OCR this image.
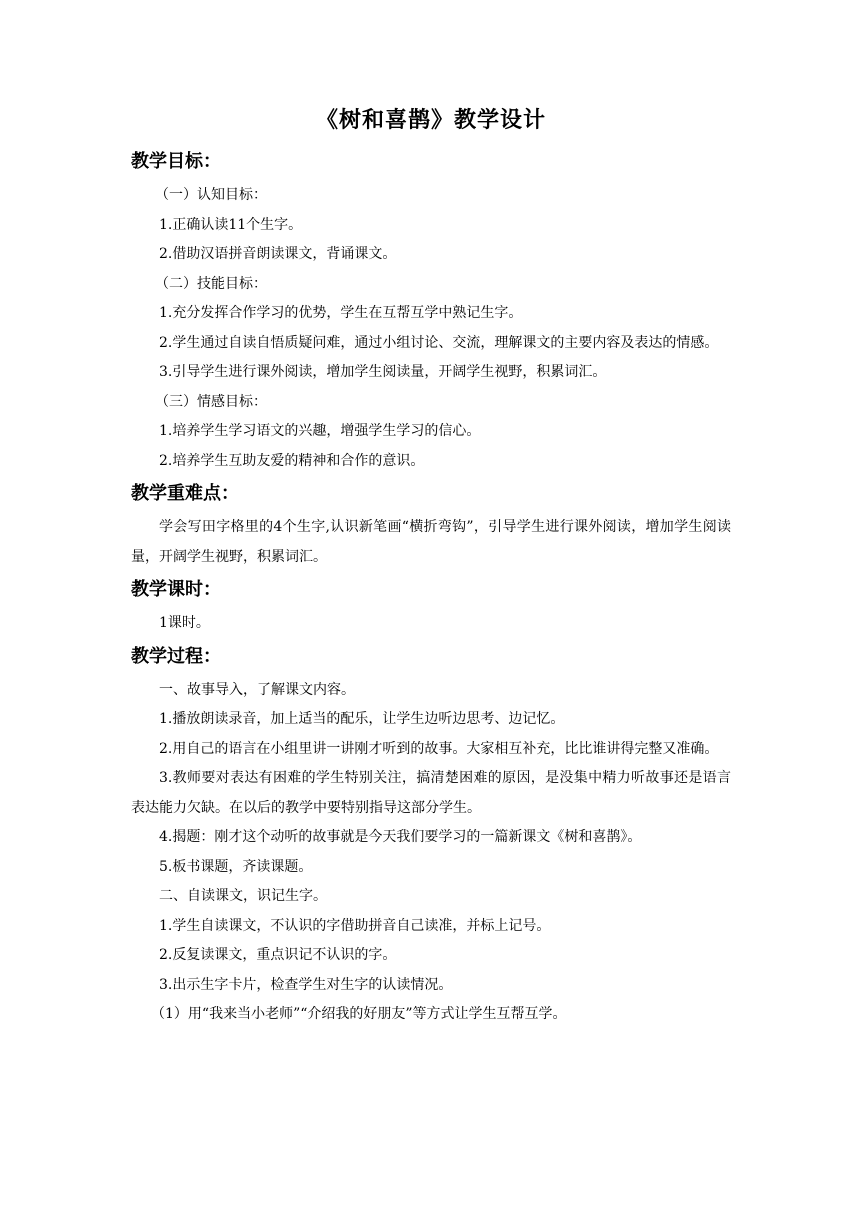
《树和喜鹊》教学设计
教学目标：

（一）认知目标：

1.正确认读11个生字。

2.借助汉语拼音朗读课文，背诵课文。

（二）技能目标：

1.充分发挥合作学习的优势，学生在互帮互学中熟记生字。

2.学生通过自读自悟质疑问难，通过小组讨论、交流，理解课文的主要内容及表达的情感。

3.引导学生进行课外阅读，增加学生阅读量，开阔学生视野，积累词汇。

（三）情感目标：

1.培养学生学习语文的兴趣，增强学生学习的信心。

2.培养学生互助友爱的精神和合作的意识。

教学重难点：

学会写田字格里的4个生字,认识新笔画“横折弯钩”，引导学生进行课外阅读，增加学生阅读量，开阔学生视野，积累词汇。

教学课时：

1课时。

教学过程：

一、故事导入，了解课文内容。

1.播放朗读录音，加上适当的配乐，让学生边听边思考、边记忆。

2.用自己的语言在小组里讲一讲刚才听到的故事。大家相互补充，比比谁讲得完整又准确。

3.教师要对表达有困难的学生特别关注，搞清楚困难的原因，是没集中精力听故事还是语言表达能力欠缺。在以后的教学中要特别指导这部分学生。

4.揭题：刚才这个动听的故事就是今天我们要学习的一篇新课文《树和喜鹊》。

5.板书课题，齐读课题。

二、自读课文，识记生字。

1.学生自读课文，不认识的字借助拼音自己读准，并标上记号。

2.反复读课文，重点识记不认识的字。

3.出示生字卡片，检查学生对生字的认读情况。

（1）用“我来当小老师”“介绍我的好朋友”等方式让学生互帮互学。
